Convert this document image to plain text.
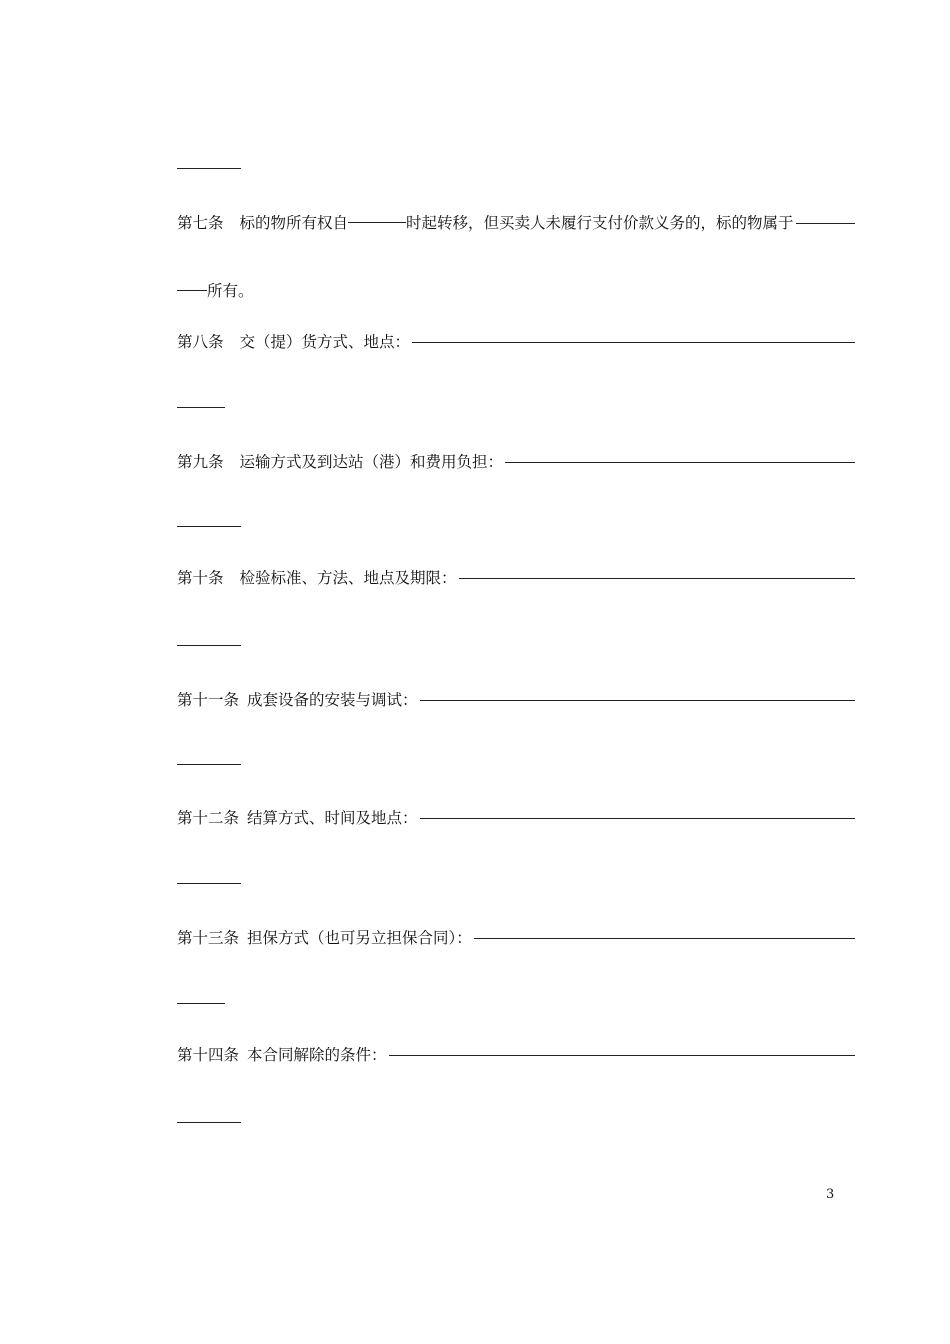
第七条 标的物所有权自	时起转移，但买卖人未履行支付价款义务的，标的物属于
所有。
第八条 交（提）货方式、地点：
第九条 运输方式及到达站（港）和费用负担：
第十条 检验标准、方法、地点及期限：
第十一条 成套设备的安装与调试：
第十二条 结算方式、时间及地点：
第十三条 担保方式（也可另立担保合同）：
第十四条 本合同解除的条件：
3
